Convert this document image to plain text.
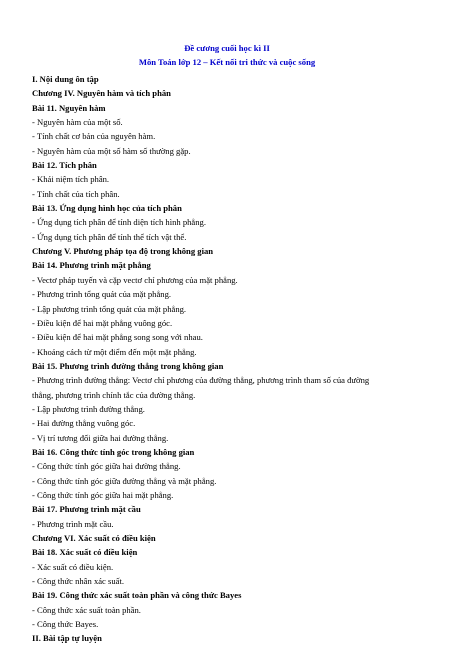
Đề cương cuối học kì II

Môn Toán lớp 12 – Kết nối tri thức và cuộc sống

I. Nội dung ôn tập

Chương IV. Nguyên hàm và tích phân

Bài 11. Nguyên hàm

- Nguyên hàm của một số.

- Tính chất cơ bản của nguyên hàm.

- Nguyên hàm của một số hàm số thường gặp.

Bài 12. Tích phân

- Khái niệm tích phân.

- Tính chất của tích phân.

Bài 13. Ứng dụng hình học của tích phân

- Ứng dụng tích phân để tính diện tích hình phẳng.

- Ứng dụng tích phân để tính thể tích vật thể.

Chương V. Phương pháp tọa độ trong không gian

Bài 14. Phương trình mặt phẳng

- Vectơ pháp tuyến và cặp vectơ chỉ phương của mặt phẳng.

- Phương trình tổng quát của mặt phẳng.

- Lập phương trình tổng quát của mặt phẳng.

- Điều kiện để hai mặt phẳng vuông góc.

- Điều kiện để hai mặt phẳng song song với nhau.

- Khoảng cách từ một điểm đến một mặt phẳng.

Bài 15. Phương trình đường thẳng trong không gian

- Phương trình đường thẳng: Vectơ chỉ phương của đường thẳng, phương trình tham số của đường

thẳng, phương trình chính tắc của đường thẳng.

- Lập phương trình đường thẳng.

- Hai đường thẳng vuông góc.

- Vị trí tương đối giữa hai đường thẳng.

Bài 16. Công thức tính góc trong không gian

- Công thức tính góc giữa hai đường thẳng.

- Công thức tính góc giữa đường thẳng và mặt phẳng.

- Công thức tính góc giữa hai mặt phẳng.

Bài 17. Phương trình mặt cầu

- Phương trình mặt cầu.

Chương VI. Xác suất có điều kiện

Bài 18. Xác suất có điều kiện

- Xác suất có điều kiện.

- Công thức nhân xác suất.

Bài 19. Công thức xác suất toàn phần và công thức Bayes

- Công thức xác suất toàn phần.

- Công thức Bayes.

II. Bài tập tự luyện
